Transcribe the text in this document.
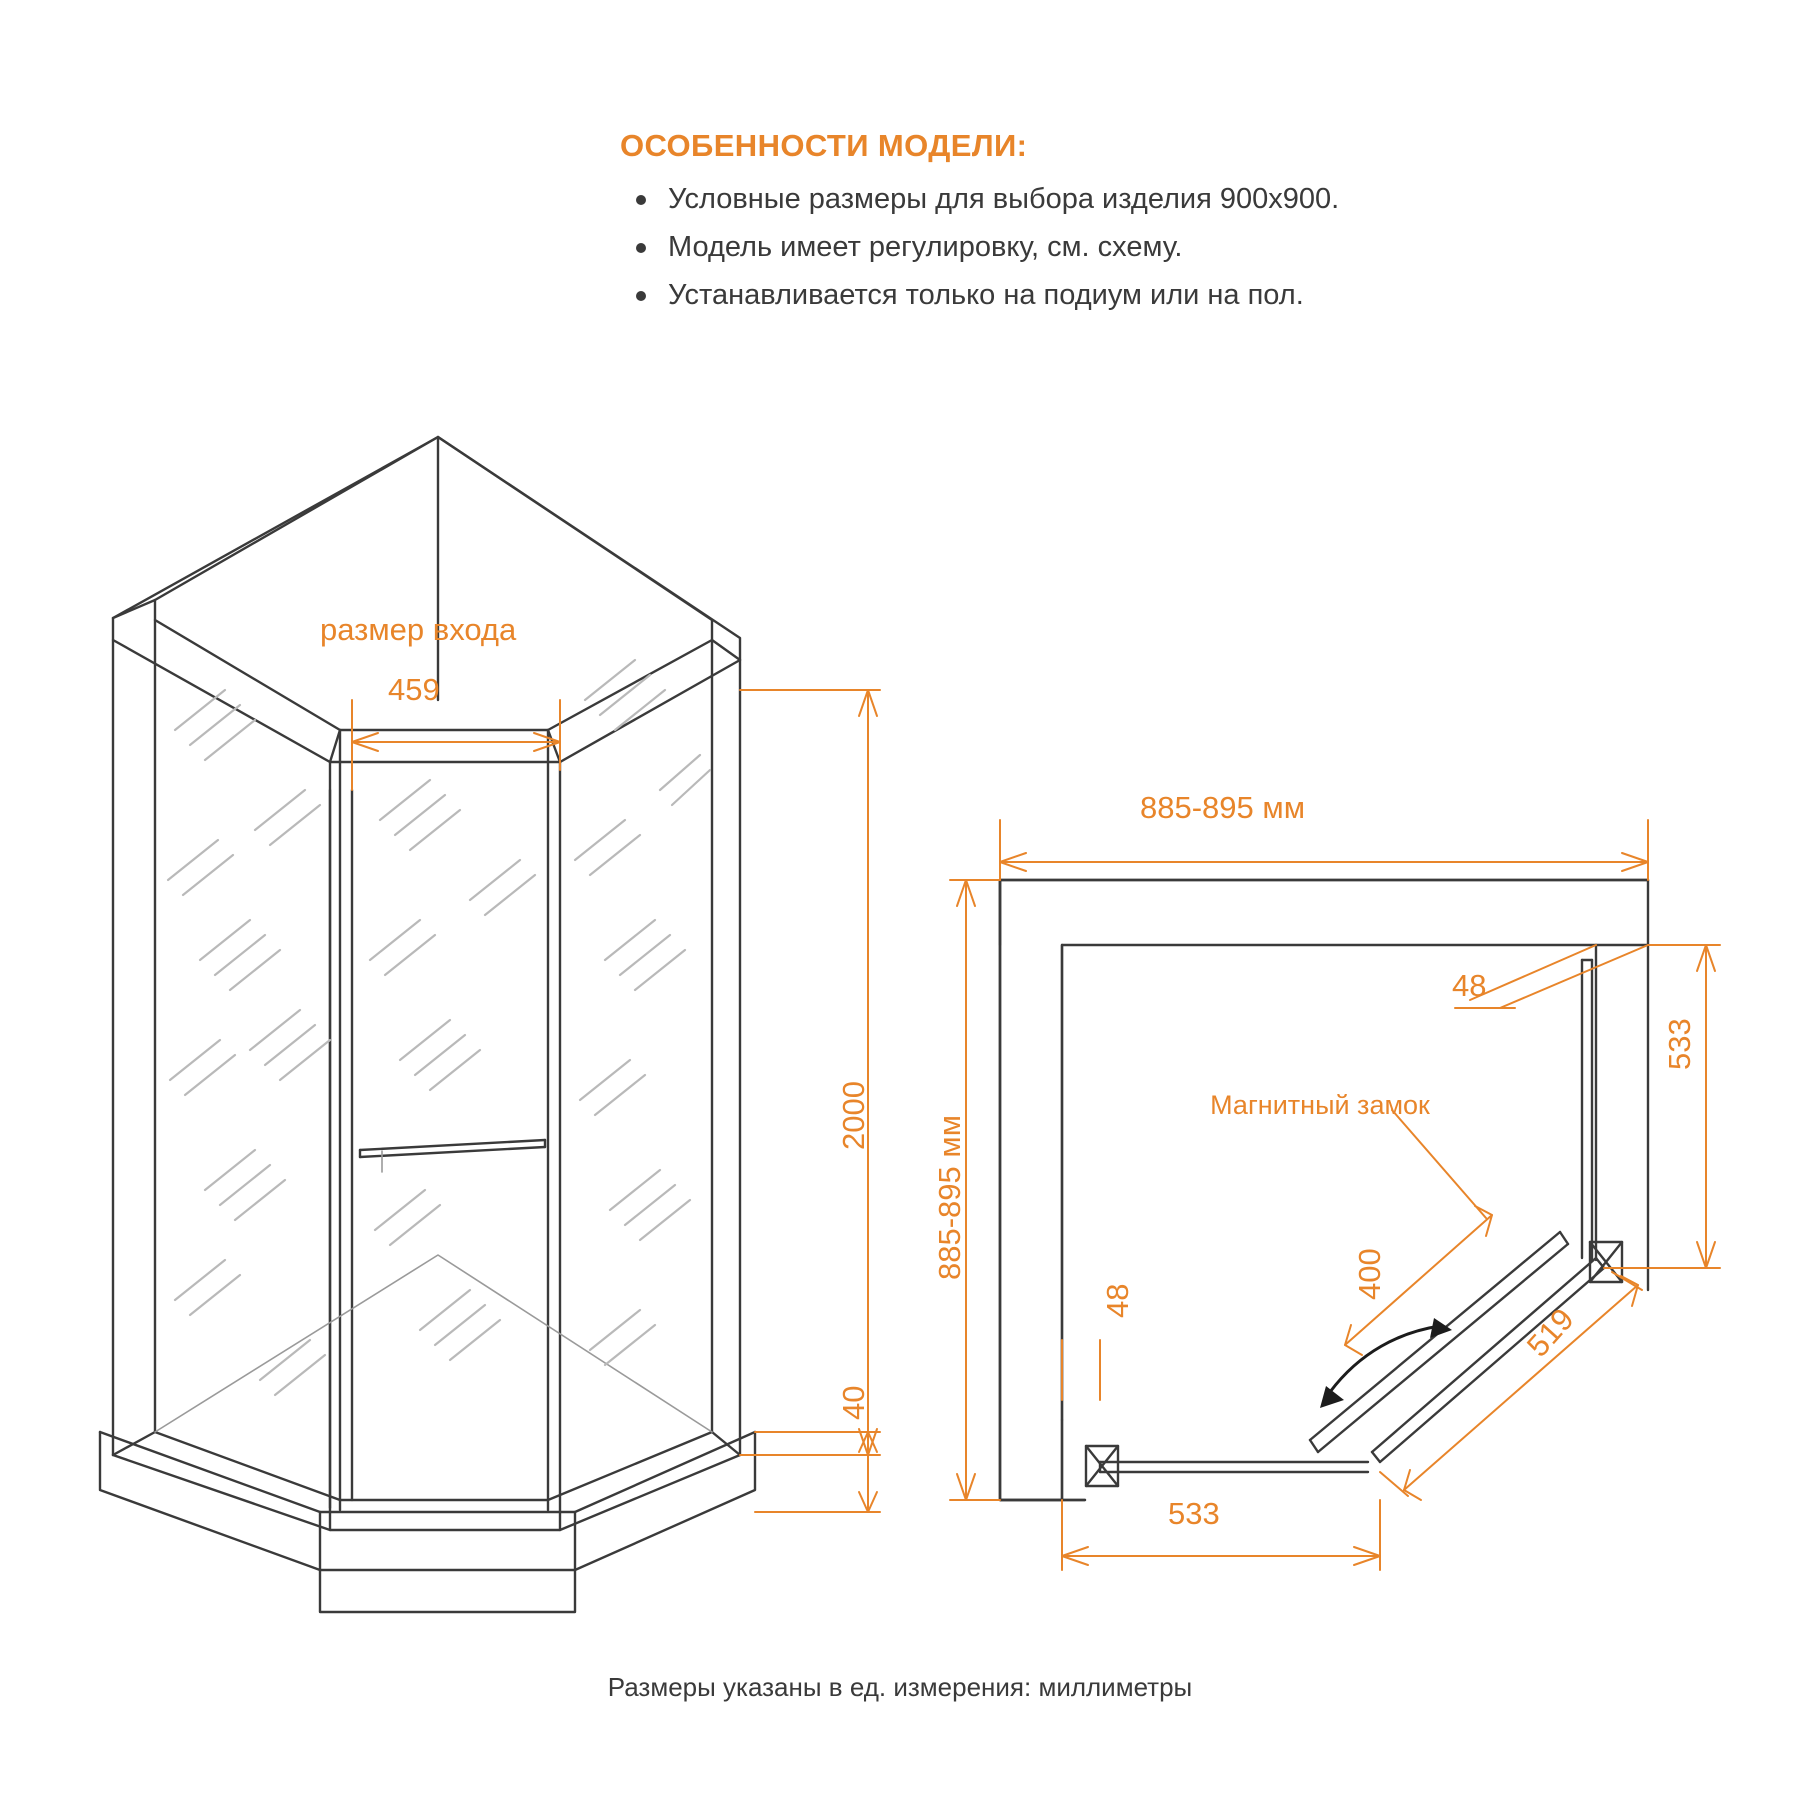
ОСОБЕННОСТИ МОДЕЛИ:
Условные размеры для выбора изделия 900х900.
Модель имеет регулировку, см. схему.
Устанавливается только на подиум или на пол.
размер входа
459
2000
40
885-895 мм
885-895 мм
48
48
533
533
400
519
Магнитный замок
Размеры указаны в ед. измерения: миллиметры
